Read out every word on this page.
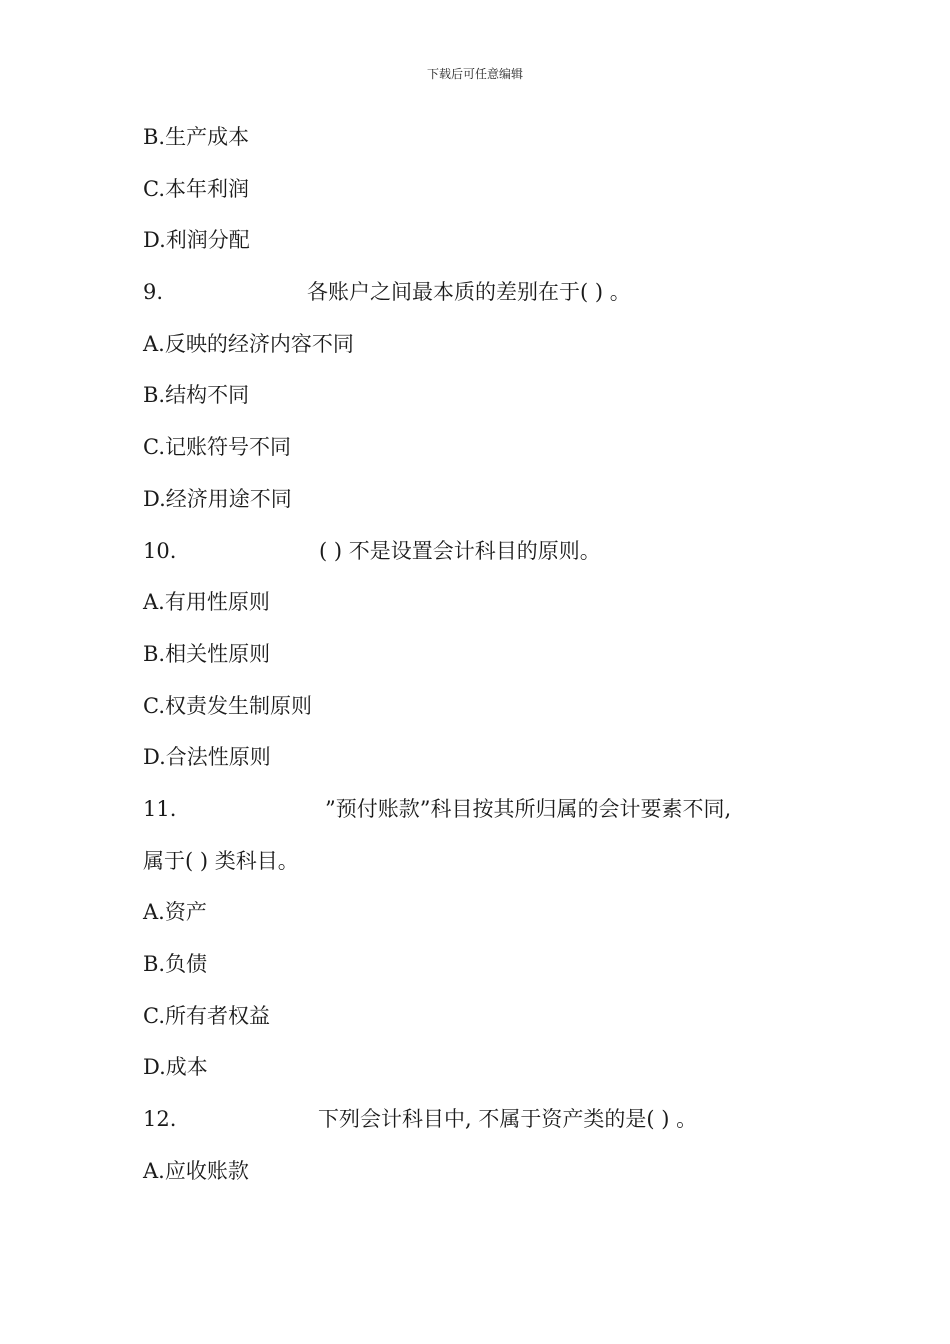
下载后可任意编辑
B.生产成本
C.本年利润
D.利润分配
9.	各账户之间最本质的差别在于( ) 。
A.反映的经济内容不同
B.结构不同
C.记账符号不同
D.经济用途不同
10.	( ) 不是设置会计科目的原则。
A.有用性原则
B.相关性原则
C.权责发生制原则
D.合法性原则
11.	”预付账款”科目按其所归属的会计要素不同,
属于( ) 类科目。
A.资产
B.负债
C.所有者权益
D.成本
12.	下列会计科目中, 不属于资产类的是( ) 。
A.应收账款
